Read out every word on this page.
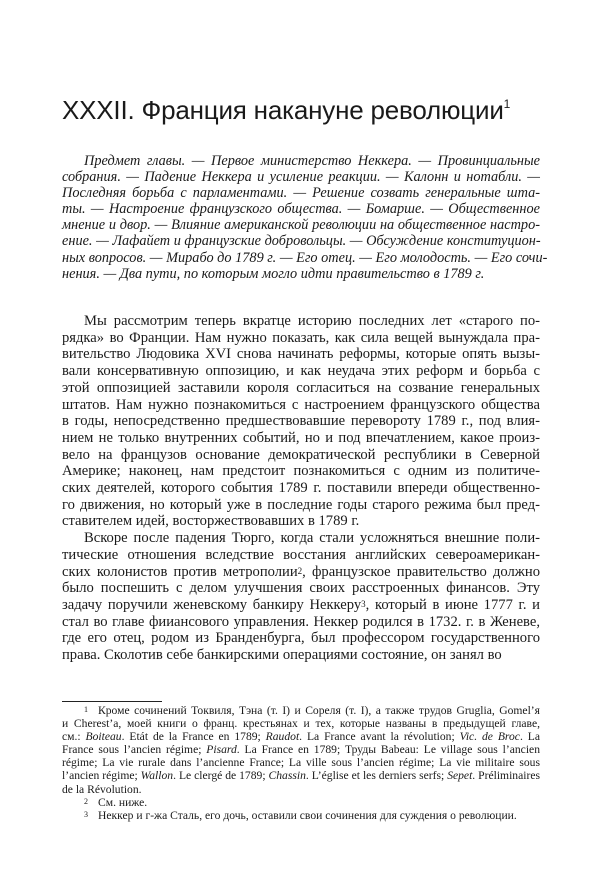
XXXII. Франция накануне революции$^1$
Предмет главы. — Первое министерство Неккера. — Провинциальные
собрания. — Падение Неккера и усиление реакции. — Калонн и нотабли. —
Последняя борьба с парламентами. — Решение созвать генеральные шта-
ты. — Настроение французского общества. — Бомарше. — Общественное
мнение и двор. — Влияние американской революции на общественное настро-
ение. — Лафайет и французские добровольцы. — Обсуждение конституцион-
ных вопросов. — Мирабо до 1789 г. — Его отец. — Его молодость. — Его сочи-
нения. — Два пути, по которым могло идти правительство в 1789 г.
Мы рассмотрим теперь вкратце историю последних лет «старого по-
рядка» во Франции. Нам нужно показать, как сила вещей вынуждала пра-
вительство Людовика XVI снова начинать реформы, которые опять вызы-
вали консервативную оппозицию, и как неудача этих реформ и борьба с
этой оппозицией заставили короля согласиться на созвание генеральных
штатов. Нам нужно познакомиться с настроением французского общества
в годы, непосредственно предшествовавшие перевороту 1789 г., под влия-
нием не только внутренних событий, но и под впечатлением, какое произ-
вело на французов основание демократической республики в Северной
Америке; наконец, нам предстоит познакомиться с одним из политиче-
ских деятелей, которого события 1789 г. поставили впереди общественно-
го движения, но который уже в последние годы старого режима был пред-
ставителем идей, восторжествовавших в 1789 г.
Вскоре после падения Тюрго, когда стали усложняться внешние поли-
тические отношения вследствие восстания английских североамерикан-
ских колонистов против метрополии$^2$, французское правительство должно
было поспешить с делом улучшения своих расстроенных финансов. Эту
задачу поручили женевскому банкиру Неккеру$^3$, который в июне 1777 г. и
стал во главе фииансового управления. Неккер родился в 1732. г. в Женеве,
где его отец, родом из Бранденбурга, был профессором государственного
права. Сколотив себе банкирскими операциями состояние, он занял во
$^1$ Кроме сочинений Токвиля, Тэна (т. I) и Сореля (т. I), а также трудов Gruglia, Gomel’я
и Cherest’a, моей книги о франц. крестьянах и тех, которые названы в предыдущей главе,
см.: Boiteau. Etát de la France en 1789; Raudot. La France avant la révolution; Vic. de Broc. La
France sous l’ancien régime; Pisard. La France en 1789; Труды Babeau: Le village sous l’ancien
régime; La vie rurale dans l’ancienne France; La ville sous l’ancien régime; La vie militaire sous
l’ancien régime; Wallon. Le clergé de 1789; Chassin. L’église et les derniers serfs; Sepet. Préliminaires
de la Révolution.
$^2$ См. ниже.
$^3$ Неккер и г-жа Сталь, его дочь, оставили свои сочинения для суждения о революции.
